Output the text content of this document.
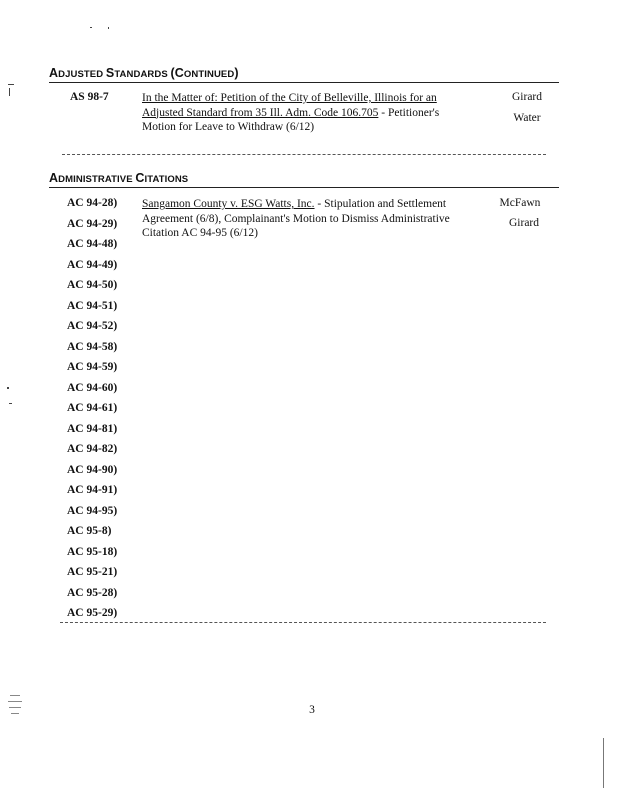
ADJUSTED STANDARDS (CONTINUED)
AS 98-7	In the Matter of: Petition of the City of Belleville, Illinois for an Adjusted Standard from 35 Ill. Adm. Code 106.705 - Petitioner's Motion for Leave to Withdraw (6/12)
Girard
Water
ADMINISTRATIVE CITATIONS
Sangamon County v. ESG Watts, Inc. - Stipulation and Settlement Agreement (6/8), Complainant's Motion to Dismiss Administrative Citation AC 94-95 (6/12)
McFawn
Girard
AC 94-28)
AC 94-29)
AC 94-48)
AC 94-49)
AC 94-50)
AC 94-51)
AC 94-52)
AC 94-58)
AC 94-59)
AC 94-60)
AC 94-61)
AC 94-81)
AC 94-82)
AC 94-90)
AC 94-91)
AC 94-95)
AC 95-8)
AC 95-18)
AC 95-21)
AC 95-28)
AC 95-29)
3
